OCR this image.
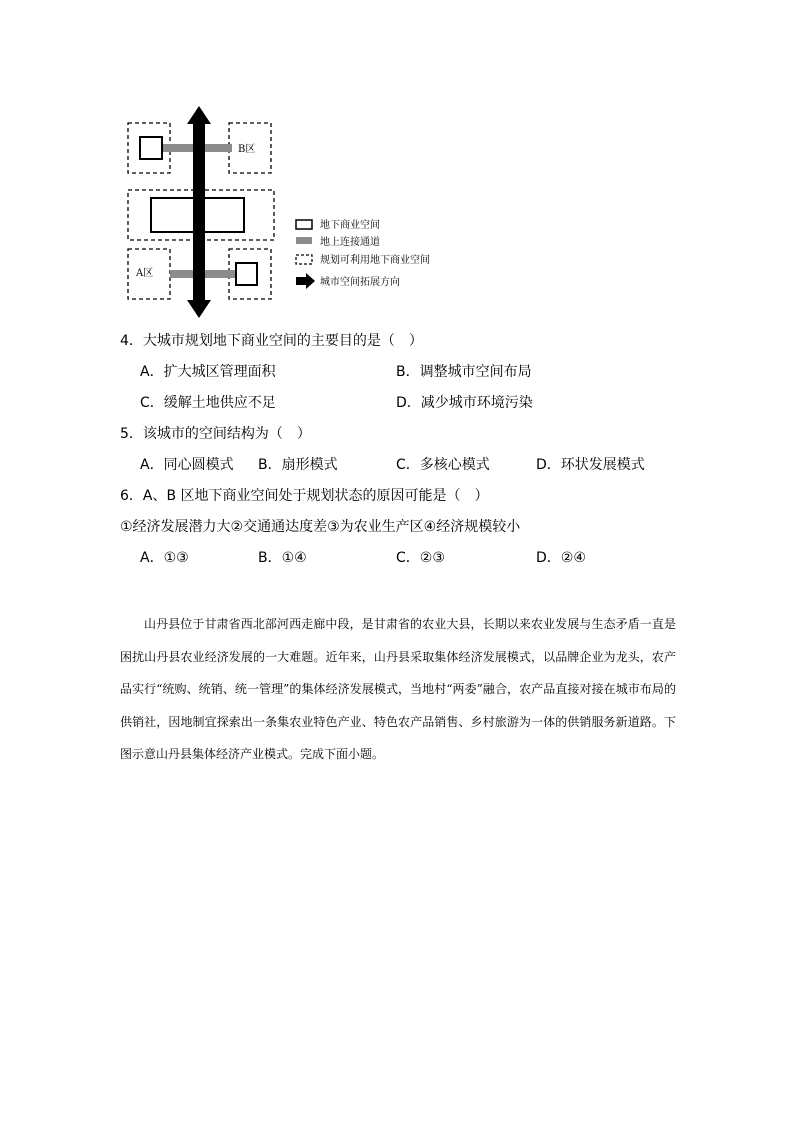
B区
A区
地下商业空间
地上连接通道
规划可利用地下商业空间
城市空间拓展方向
4．大城市规划地下商业空间的主要目的是（　）
A．扩大城区管理面积	B．调整城市空间布局
C．缓解土地供应不足	D．减少城市环境污染
5．该城市的空间结构为（　）
A．同心圆模式 B．扇形模式	C．多核心模式	D．环状发展模式
6．A、B 区地下商业空间处于规划状态的原因可能是（　）
①经济发展潜力大②交通通达度差③为农业生产区④经济规模较小
A．①③	B．①④	C．②③	D．②④

山丹县位于甘肃省西北部河西走廊中段，是甘肃省的农业大县，长期以来农业发展与生态矛盾一直是困扰山丹县农业经济发展的一大难题。近年来，山丹县采取集体经济发展模式，以品牌企业为龙头，农产品实行“统购、统销、统一管理”的集体经济发展模式，当地村“两委”融合，农产品直接对接在城市布局的供销社，因地制宜探索出一条集农业特色产业、特色农产品销售、乡村旅游为一体的供销服务新道路。下图示意山丹县集体经济产业模式。完成下面小题。
